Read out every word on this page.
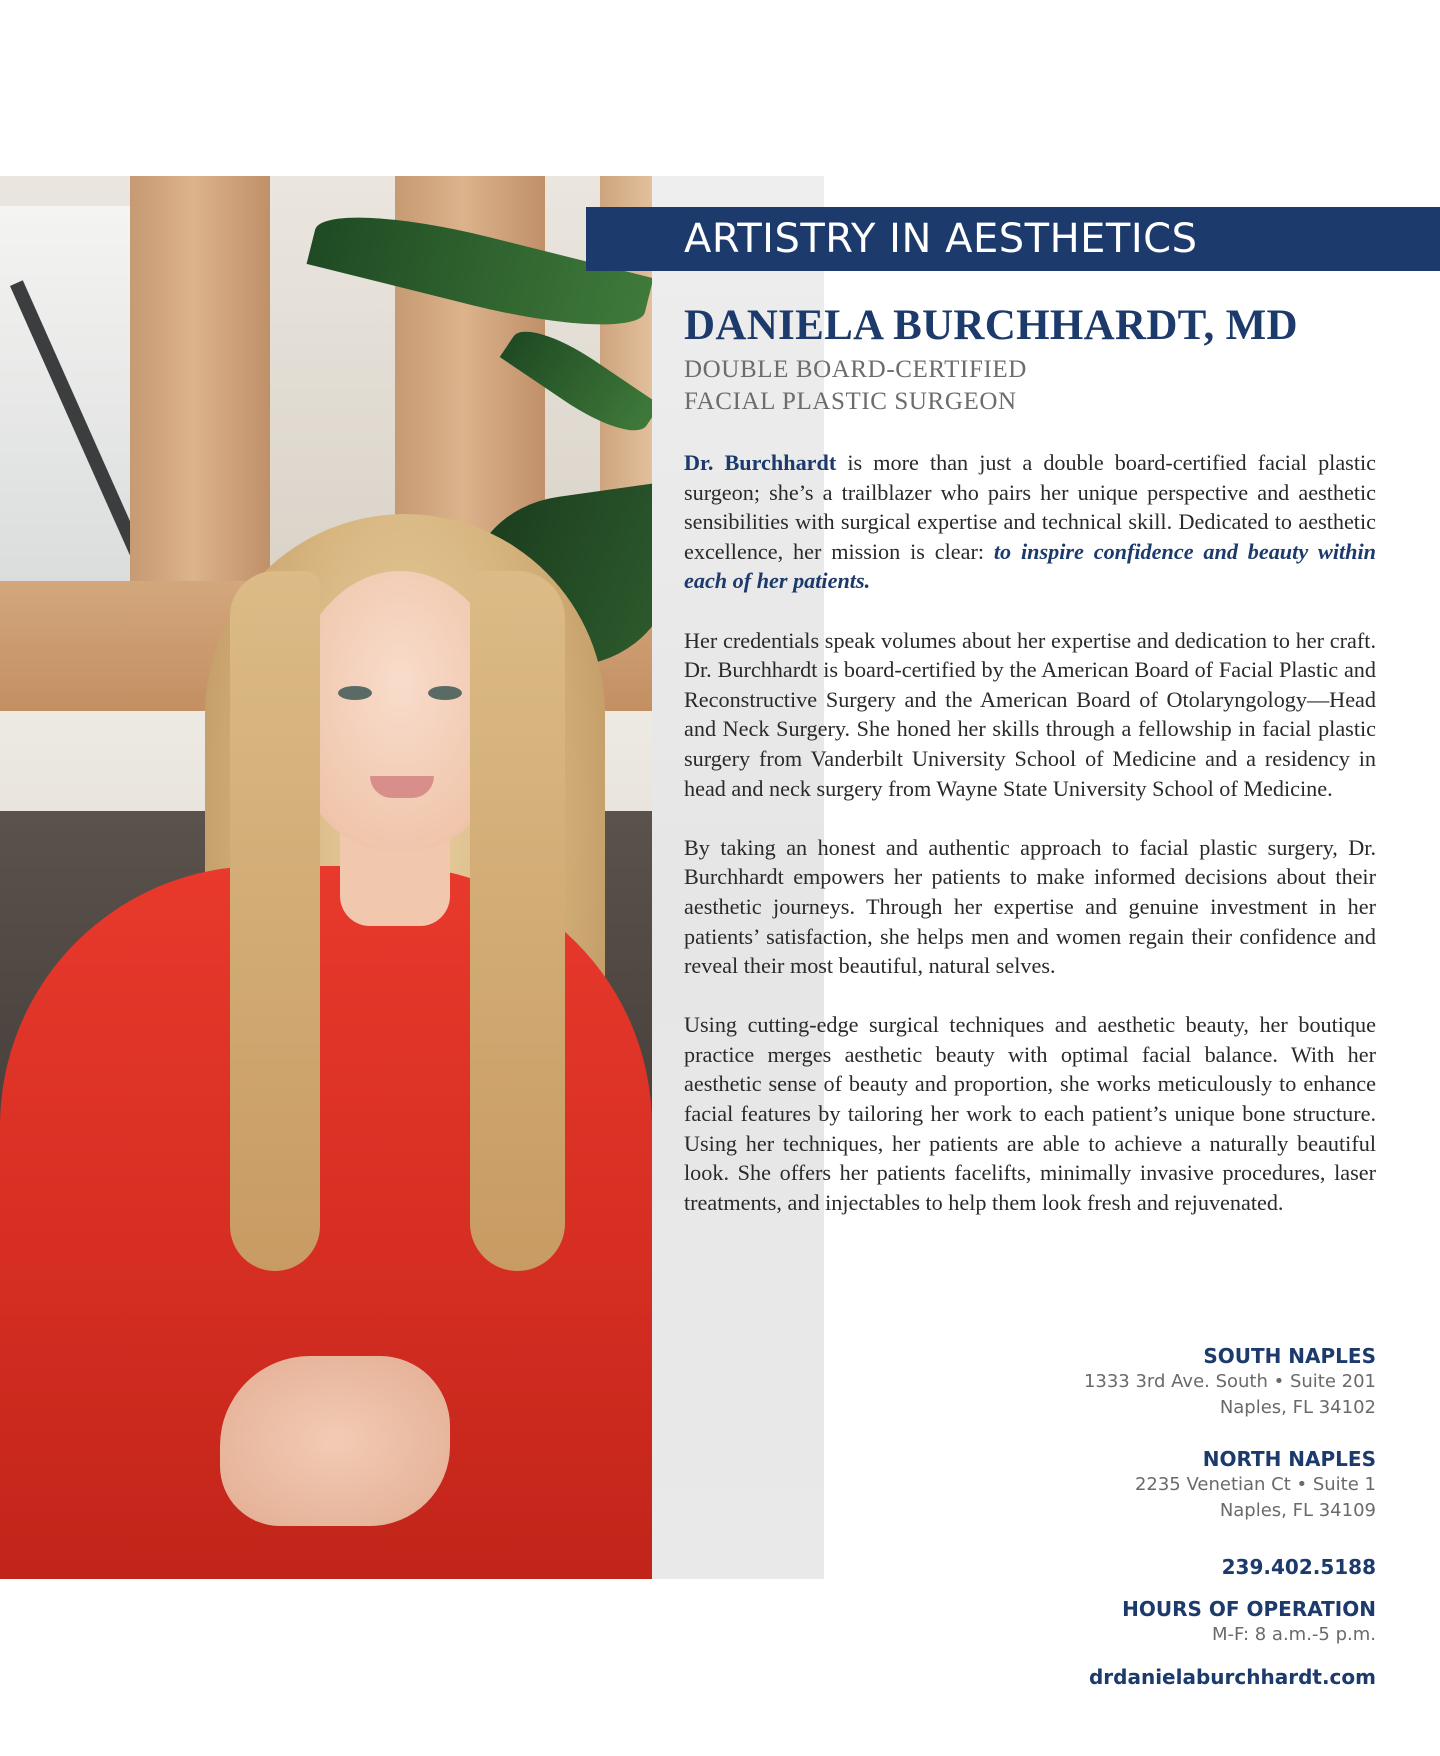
ARTISTRY IN AESTHETICS
DANIELA BURCHHARDT, MD
DOUBLE BOARD-CERTIFIED
FACIAL PLASTIC SURGEON

Dr. Burchhardt is more than just a double board-certified facial plastic surgeon; she’s a trailblazer who pairs her unique perspective and aesthetic sensibilities with surgical expertise and technical skill. Dedicated to aesthetic excellence, her mission is clear: to inspire confidence and beauty within each of her patients.

Her credentials speak volumes about her expertise and dedication to her craft. Dr. Burchhardt is board-certified by the American Board of Facial Plastic and Reconstructive Surgery and the American Board of Otolaryngology—Head and Neck Surgery. She honed her skills through a fellowship in facial plastic surgery from Vanderbilt University School of Medicine and a residency in head and neck surgery from Wayne State University School of Medicine.

By taking an honest and authentic approach to facial plastic surgery, Dr. Burchhardt empowers her patients to make informed decisions about their aesthetic journeys. Through her expertise and genuine investment in her patients’ satisfaction, she helps men and women regain their confidence and reveal their most beautiful, natural selves.

Using cutting-edge surgical techniques and aesthetic beauty, her boutique practice merges aesthetic beauty with optimal facial balance. With her aesthetic sense of beauty and proportion, she works meticulously to enhance facial features by tailoring her work to each patient’s unique bone structure. Using her techniques, her patients are able to achieve a naturally beautiful look. She offers her patients facelifts, minimally invasive procedures, laser treatments, and injectables to help them look fresh and rejuvenated.

SOUTH NAPLES
1333 3rd Ave. South • Suite 201
Naples, FL 34102
NORTH NAPLES
2235 Venetian Ct • Suite 1
Naples, FL 34109
239.402.5188
HOURS OF OPERATION
M-F: 8 a.m.-5 p.m.
drdanielaburchhardt.com
